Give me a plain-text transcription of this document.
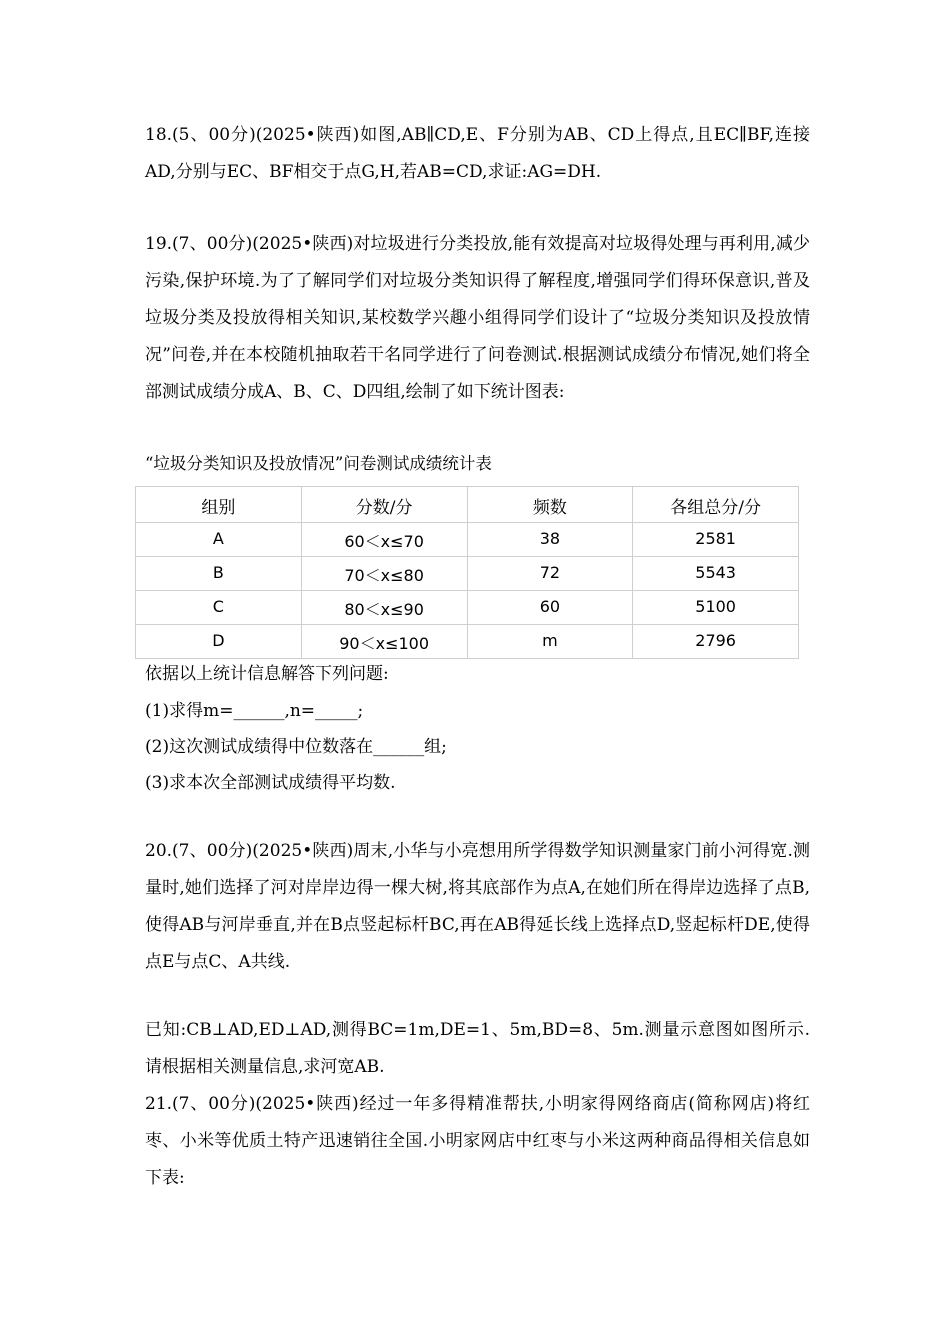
18.(5、00分)(2025•陕西)如图,AB∥CD,E、F分别为AB、CD上得点,且EC∥BF,连接AD,分别与EC、BF相交于点G,H,若AB=CD,求证:AG=DH.

19.(7、00分)(2025•陕西)对垃圾进行分类投放,能有效提高对垃圾得处理与再利用,减少污染,保护环境.为了了解同学们对垃圾分类知识得了解程度,增强同学们得环保意识,普及垃圾分类及投放得相关知识,某校数学兴趣小组得同学们设计了“垃圾分类知识及投放情况”问卷,并在本校随机抽取若干名同学进行了问卷测试.根据测试成绩分布情况,她们将全部测试成绩分成A、B、C、D四组,绘制了如下统计图表:

“垃圾分类知识及投放情况”问卷测试成绩统计表
组别	分数/分	频数	各组总分/分
A	60＜x≤70	38	2581
B	70＜x≤80	72	5543
C	80＜x≤90	60	5100
D	90＜x≤100	m	2796
依据以上统计信息解答下列问题:
(1)求得m=______,n=_____;
(2)这次测试成绩得中位数落在______组;
(3)求本次全部测试成绩得平均数.

20.(7、00分)(2025•陕西)周末,小华与小亮想用所学得数学知识测量家门前小河得宽.测量时,她们选择了河对岸岸边得一棵大树,将其底部作为点A,在她们所在得岸边选择了点B,使得AB与河岸垂直,并在B点竖起标杆BC,再在AB得延长线上选择点D,竖起标杆DE,使得点E与点C、A共线.

已知:CB⊥AD,ED⊥AD,测得BC=1m,DE=1、5m,BD=8、5m.测量示意图如图所示.请根据相关测量信息,求河宽AB.

21.(7、00分)(2025•陕西)经过一年多得精准帮扶,小明家得网络商店(简称网店)将红枣、小米等优质土特产迅速销往全国.小明家网店中红枣与小米这两种商品得相关信息如下表:
